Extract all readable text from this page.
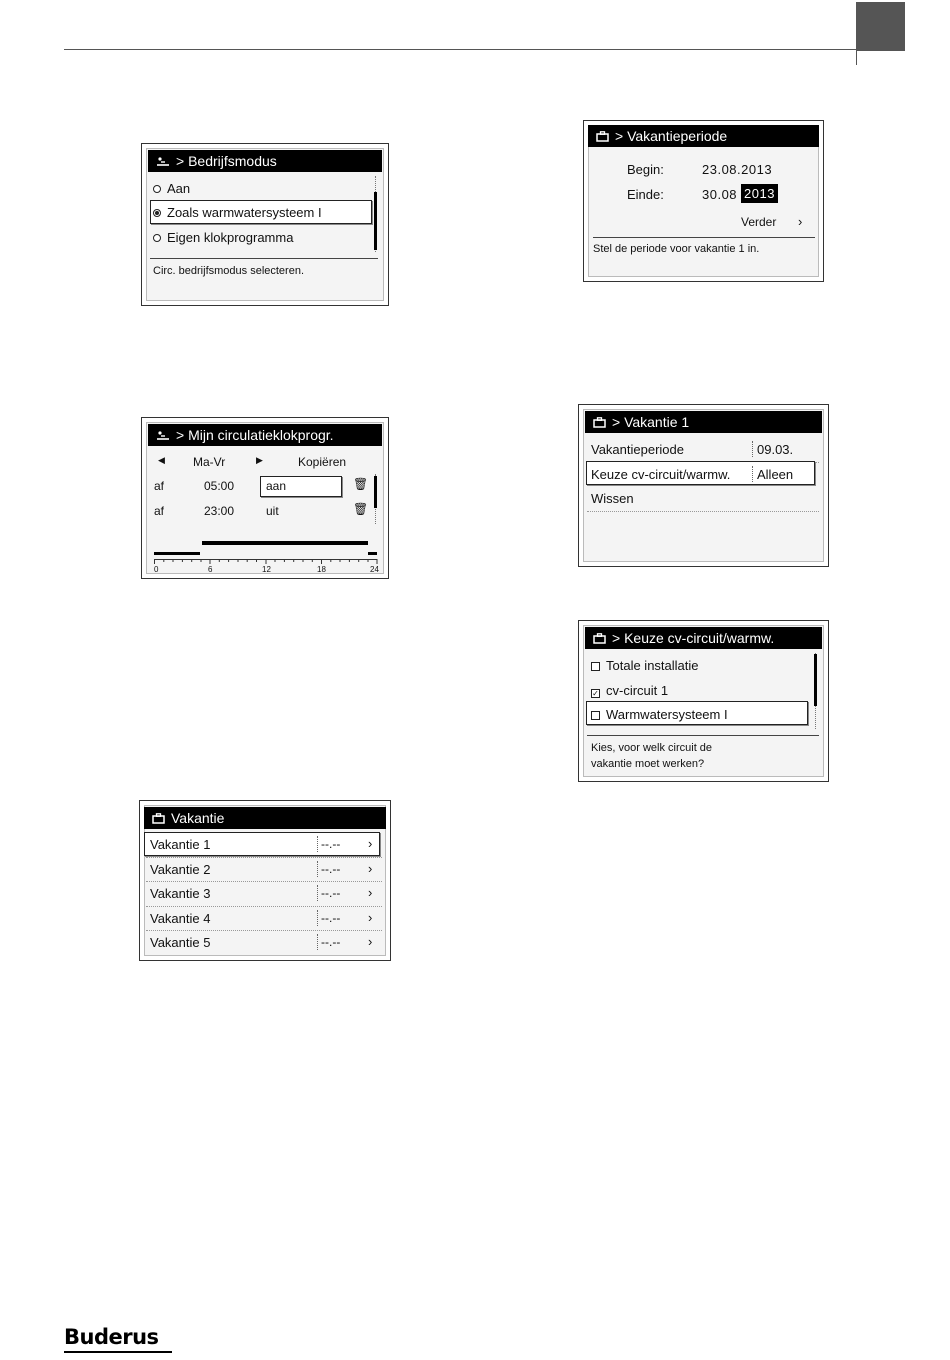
> Bedrijfsmodus
Aan
Zoals warmwatersysteem I
Eigen klokprogramma
Circ. bedrijfsmodus selecteren.
> Mijn circulatieklokprogr.
◀ Ma-Vr	▶	Kopiëren
af	05:00	aan	🗑
af	23:00	uit	🗑
0	6	12	18	24
Vakantie
Vakantie 1	--.-- ›
Vakantie 2	--.-- ›
Vakantie 3	--.-- ›
Vakantie 4	--.-- ›
Vakantie 5	--.-- ›
> Vakantieperiode
Begin:	23.08.2013
Einde:	30.08 2013
Verder ›
Stel de periode voor vakantie 1 in.
> Vakantie 1
Vakantieperiode	09.03.
Keuze cv-circuit/warmw. Alleen
Wissen
> Keuze cv-circuit/warmw.
Totale installatie
✓ cv-circuit 1
Warmwatersysteem I
Kies, voor welk circuit de vakantie moet werken?
Buderus
